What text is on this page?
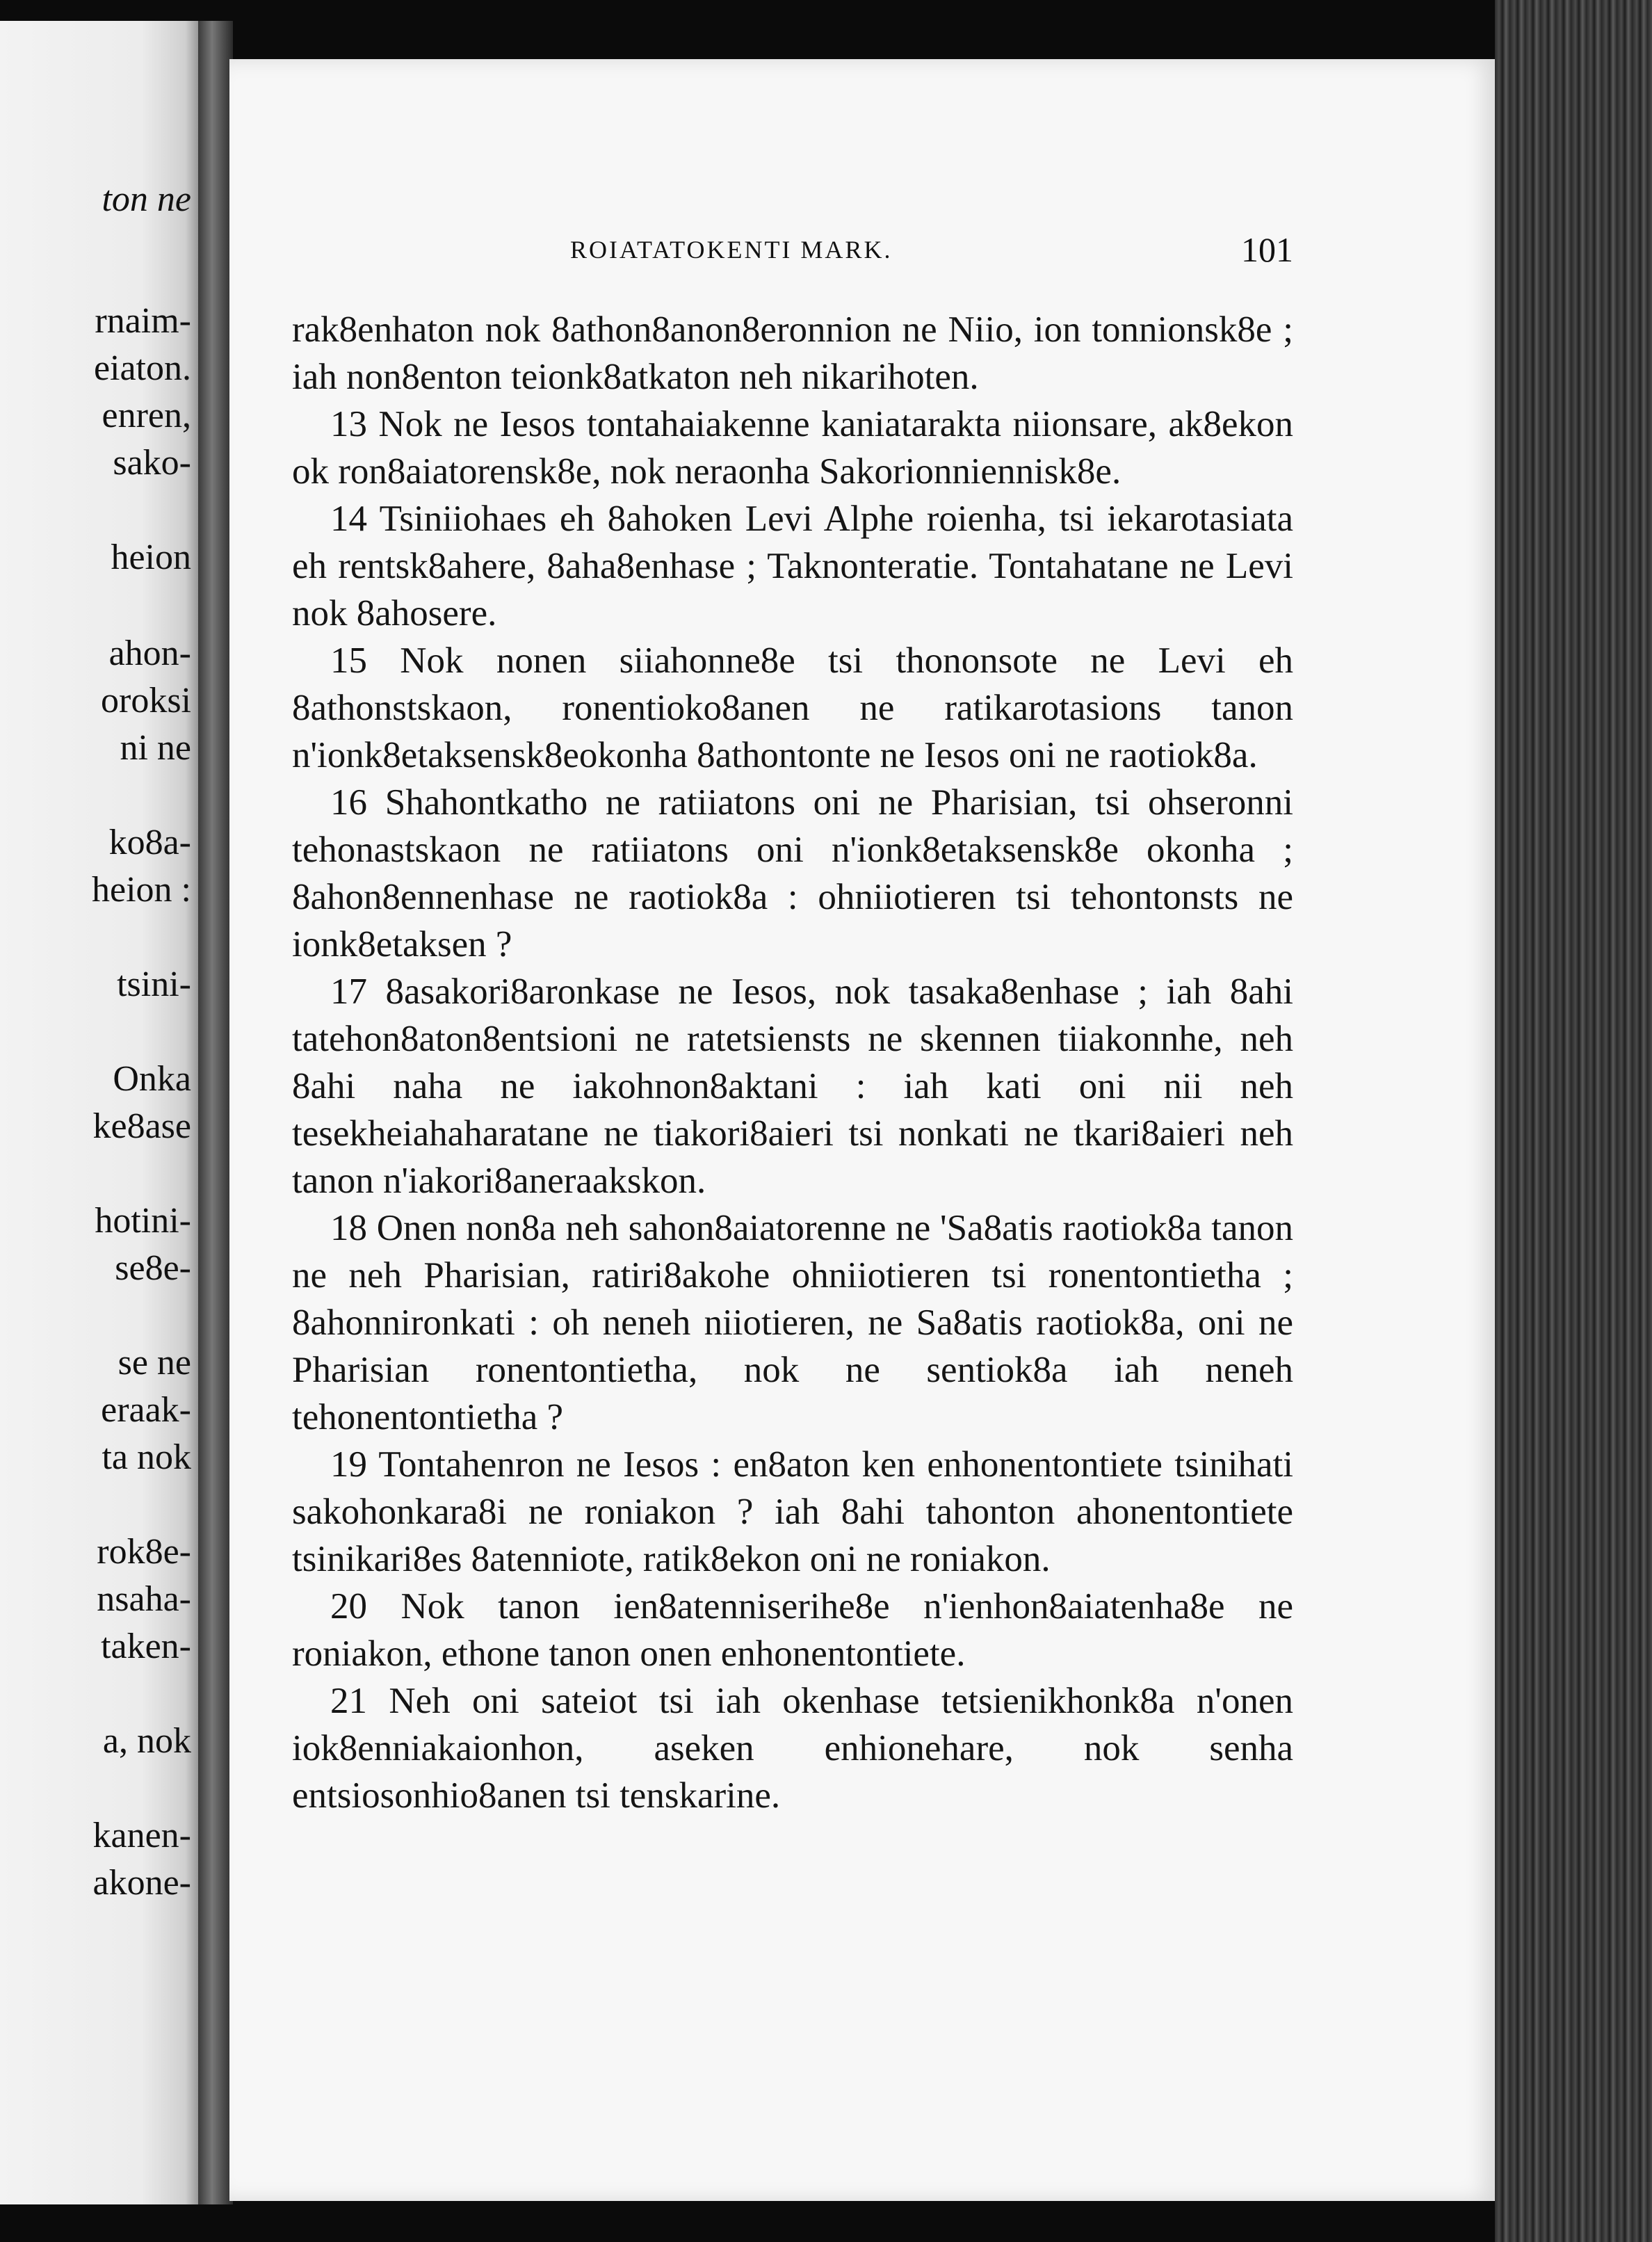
ton ne
rnaim-
eiaton.
enren,
sako-
heion
ahon-
oroksi
ni ne
ko8a-
heion :
tsini-
Onka
ke8ase
hotini-
se8e-
se ne
eraak-
ta nok
rok8e-
nsaha-
taken-
a, nok
kanen-
akone-
ROIATATOKENTI MARK.	101

rak8enhaton nok 8athon8anon8eronnion ne Niio, ion tonnionsk8e ; iah non8enton teionk8atkaton neh nikarihoten.

13 Nok ne Iesos tontahaiakenne kaniatarakta niionsare, ak8ekon ok ron8aiatorensk8e, nok neraonha Sakorionniennisk8e.

14 Tsiniiohaes eh 8ahoken Levi Alphe roienha, tsi iekarotasiata eh rentsk8ahere, 8aha8enhase ; Taknonteratie. Tontahatane ne Levi nok 8ahosere.

15 Nok nonen siiahonne8e tsi thononsote ne Levi eh 8athonstskaon, ronentioko8anen ne ratikarotasions tanon n'ionk8etaksensk8eokonha 8athontonte ne Iesos oni ne raotiok8a.

16 Shahontkatho ne ratiiatons oni ne Pharisian, tsi ohseronni tehonastskaon ne ratiiatons oni n'ionk8etaksensk8e okonha ; 8ahon8ennenhase ne raotiok8a : ohniiotieren tsi tehontonsts ne ionk8etaksen ?

17 8asakori8aronkase ne Iesos, nok tasaka8enhase ; iah 8ahi tatehon8aton8entsioni ne ratetsiensts ne skennen tiiakonnhe, neh 8ahi naha ne iakohnon8aktani : iah kati oni nii neh tesekheiahaharatane ne tiakori8aieri tsi nonkati ne tkari8aieri neh tanon n'iakori8aneraakskon.

18 Onen non8a neh sahon8aiatorenne ne 'Sa8atis raotiok8a tanon ne neh Pharisian, ratiri8akohe ohniiotieren tsi ronentontietha ; 8ahonnironkati : oh neneh niiotieren, ne Sa8atis raotiok8a, oni ne Pharisian ronentontietha, nok ne sentiok8a iah neneh tehonentontietha ?

19 Tontahenron ne Iesos : en8aton ken enhonentontiete tsinihati sakohonkara8i ne roniakon ? iah 8ahi tahonton ahonentontiete tsinikari8es 8atenniote, ratik8ekon oni ne roniakon.

20 Nok tanon ien8atenniserihe8e n'ienhon8aiatenha8e ne roniakon, ethone tanon onen enhonentontiete.

21 Neh oni sateiot tsi iah okenhase tetsienikhonk8a n'onen iok8enniakaionhon, aseken enhionehare, nok senha entsiosonhio8anen tsi tenskarine.
